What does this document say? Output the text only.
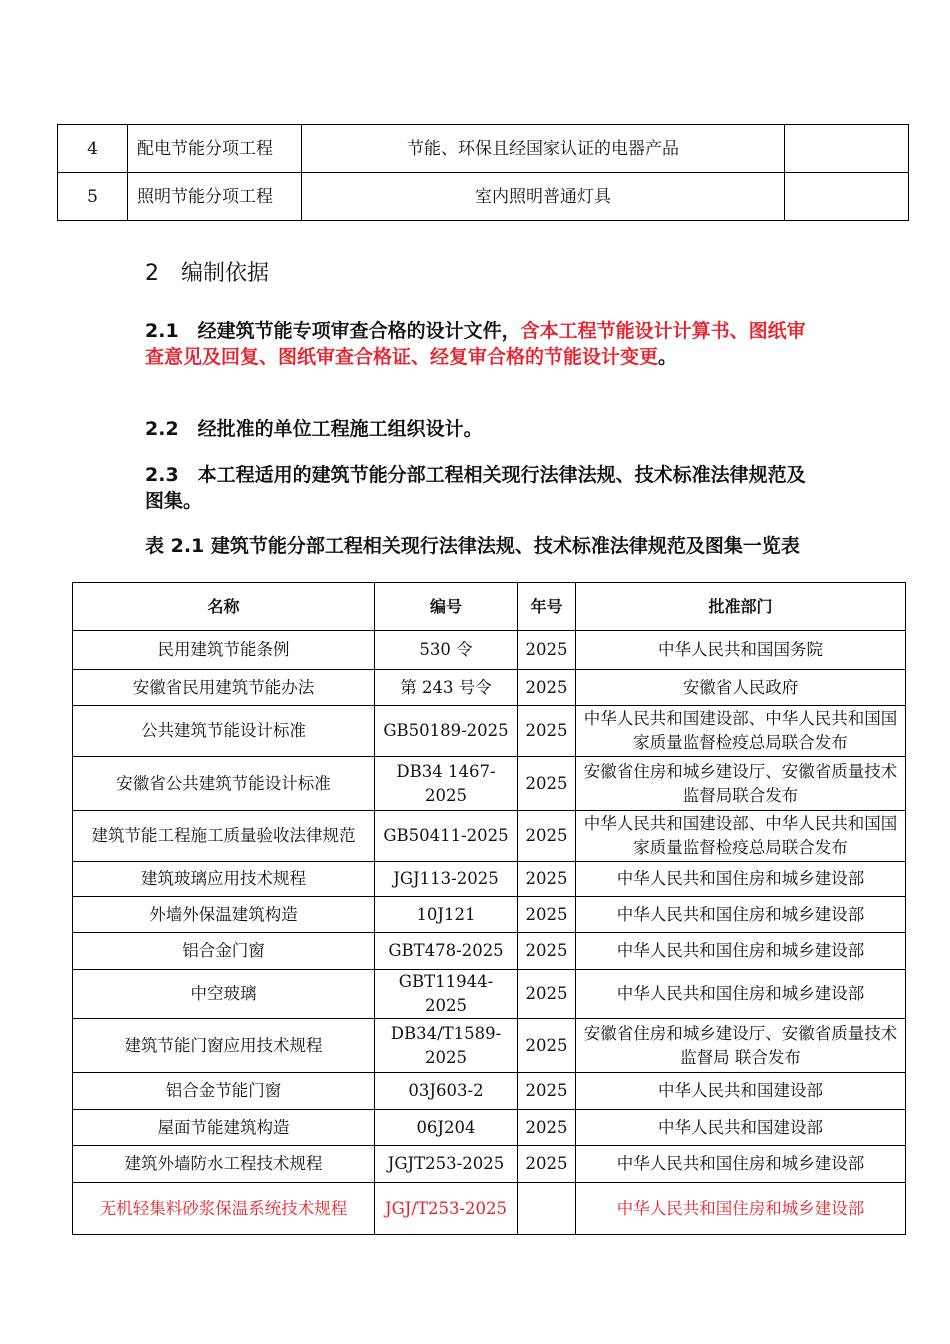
4	配电节能分项工程	节能、环保且经国家认证的电器产品	
5	照明节能分项工程	室内照明普通灯具	
2　编制依据
2.1　经建筑节能专项审查合格的设计文件，含本工程节能设计计算书、图纸审查意见及回复、图纸审查合格证、经复审合格的节能设计变更。
2.2　经批准的单位工程施工组织设计。
2.3　本工程适用的建筑节能分部工程相关现行法律法规、技术标准法律规范及图集。
表 2.1 建筑节能分部工程相关现行法律法规、技术标准法律规范及图集一览表
名称	编号	年号	批准部门
民用建筑节能条例	530 令	2025	中华人民共和国国务院
安徽省民用建筑节能办法	第 243 号令	2025	安徽省人民政府
公共建筑节能设计标准	GB50189-2025	2025	中华人民共和国建设部、中华人民共和国国家质量监督检疫总局联合发布
安徽省公共建筑节能设计标准	DB34 1467-2025	2025	安徽省住房和城乡建设厅、安徽省质量技术监督局联合发布
建筑节能工程施工质量验收法律规范	GB50411-2025	2025	中华人民共和国建设部、中华人民共和国国家质量监督检疫总局联合发布
建筑玻璃应用技术规程	JGJ113-2025	2025	中华人民共和国住房和城乡建设部
外墙外保温建筑构造	10J121	2025	中华人民共和国住房和城乡建设部
铝合金门窗	GBT478-2025	2025	中华人民共和国住房和城乡建设部
中空玻璃	GBT11944-2025	2025	中华人民共和国住房和城乡建设部
建筑节能门窗应用技术规程	DB34/T1589-2025	2025	安徽省住房和城乡建设厅、安徽省质量技术监督局 联合发布
铝合金节能门窗	03J603-2	2025	中华人民共和国建设部
屋面节能建筑构造	06J204	2025	中华人民共和国建设部
建筑外墙防水工程技术规程	JGJT253-2025	2025	中华人民共和国住房和城乡建设部
无机轻集料砂浆保温系统技术规程	JGJ/T253-2025		中华人民共和国住房和城乡建设部
